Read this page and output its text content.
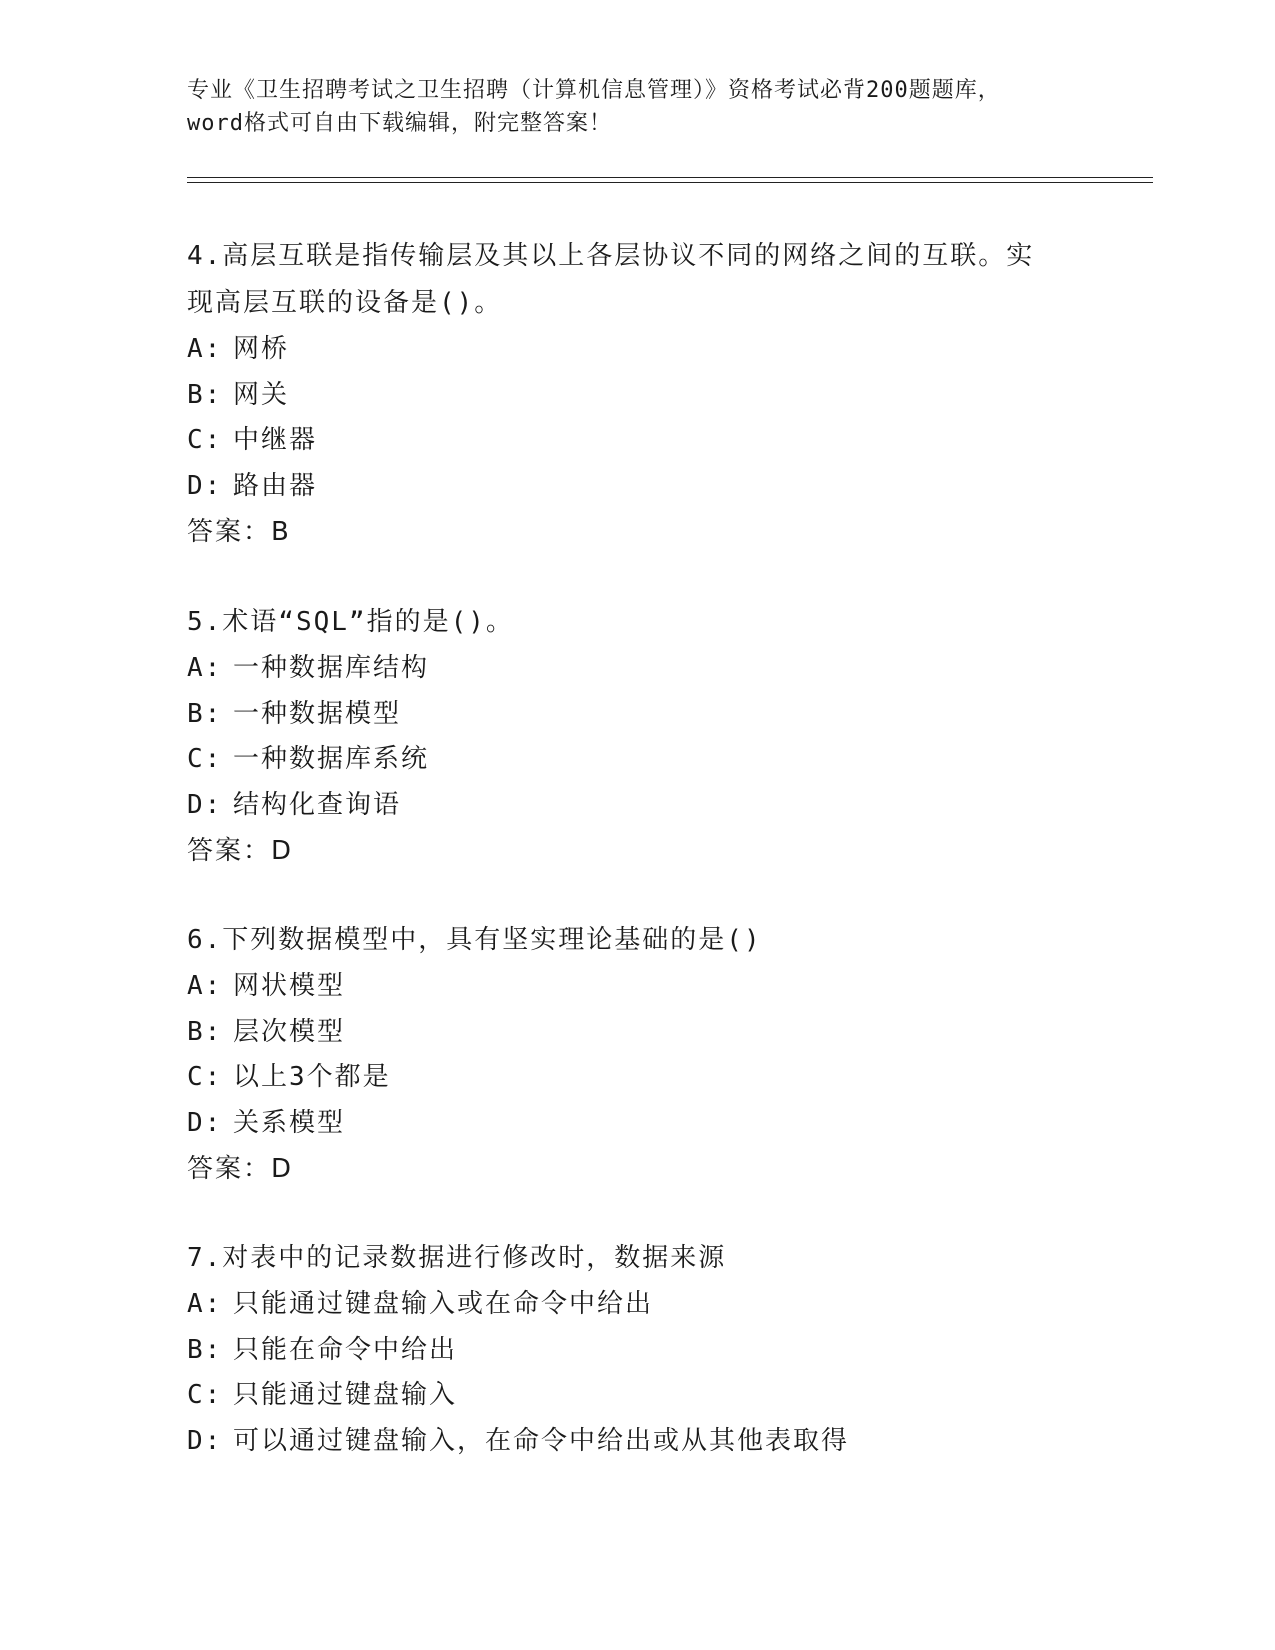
专业《卫生招聘考试之卫生招聘（计算机信息管理）》资格考试必背200题题库，
word格式可自由下载编辑，附完整答案！
4.高层互联是指传输层及其以上各层协议不同的网络之间的互联。实
现高层互联的设备是()。
A: 网桥
B: 网关
C: 中继器
D: 路由器
答案：B
5.术语“SQL”指的是()。
A: 一种数据库结构
B: 一种数据模型
C: 一种数据库系统
D: 结构化查询语
答案：D
6.下列数据模型中，具有坚实理论基础的是()
A: 网状模型
B: 层次模型
C: 以上3个都是
D: 关系模型
答案：D
7.对表中的记录数据进行修改时，数据来源
A: 只能通过键盘输入或在命令中给出
B: 只能在命令中给出
C: 只能通过键盘输入
D: 可以通过键盘输入，在命令中给出或从其他表取得
